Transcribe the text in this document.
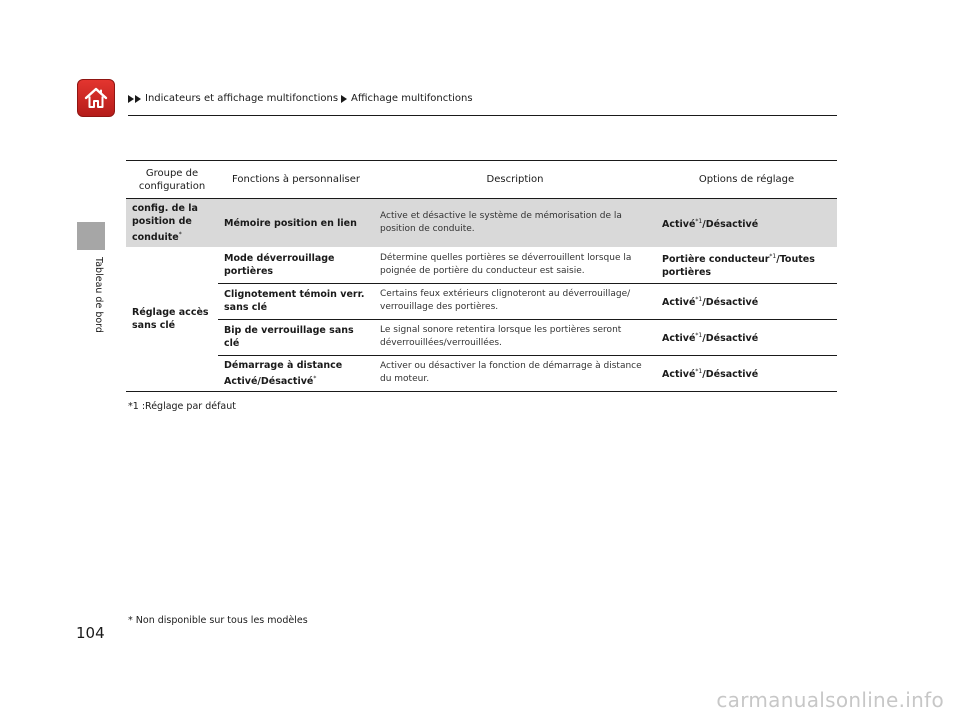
Indicateurs et affichage multifonctions Affichage multifonctions
Tableau de bord
Groupe de configuration	Fonctions à personnaliser	Description	Options de réglage
config. de la position de conduite*	Mémoire position en lien	Active et désactive le système de mémorisation de la position de conduite.	Activé$^{*1}$/Désactivé
Réglage accès sans clé	Mode déverrouillage portières	Détermine quelles portières se déverrouillent lorsque la poignée de portière du conducteur est saisie.	Portière conducteur$^{*1}$/Toutes portières
	Clignotement témoin verr. sans clé	Certains feux extérieurs clignoteront au déverrouillage/ verrouillage des portières.	Activé$^{*1}$/Désactivé
	Bip de verrouillage sans clé	Le signal sonore retentira lorsque les portières seront déverrouillées/verrouillées.	Activé$^{*1}$/Désactivé
	Démarrage à distance Activé/Désactivé*	Activer ou désactiver la fonction de démarrage à distance du moteur.	Activé$^{*1}$/Désactivé
*1 :Réglage par défaut
104
* Non disponible sur tous les modèles
carmanualsonline.info
